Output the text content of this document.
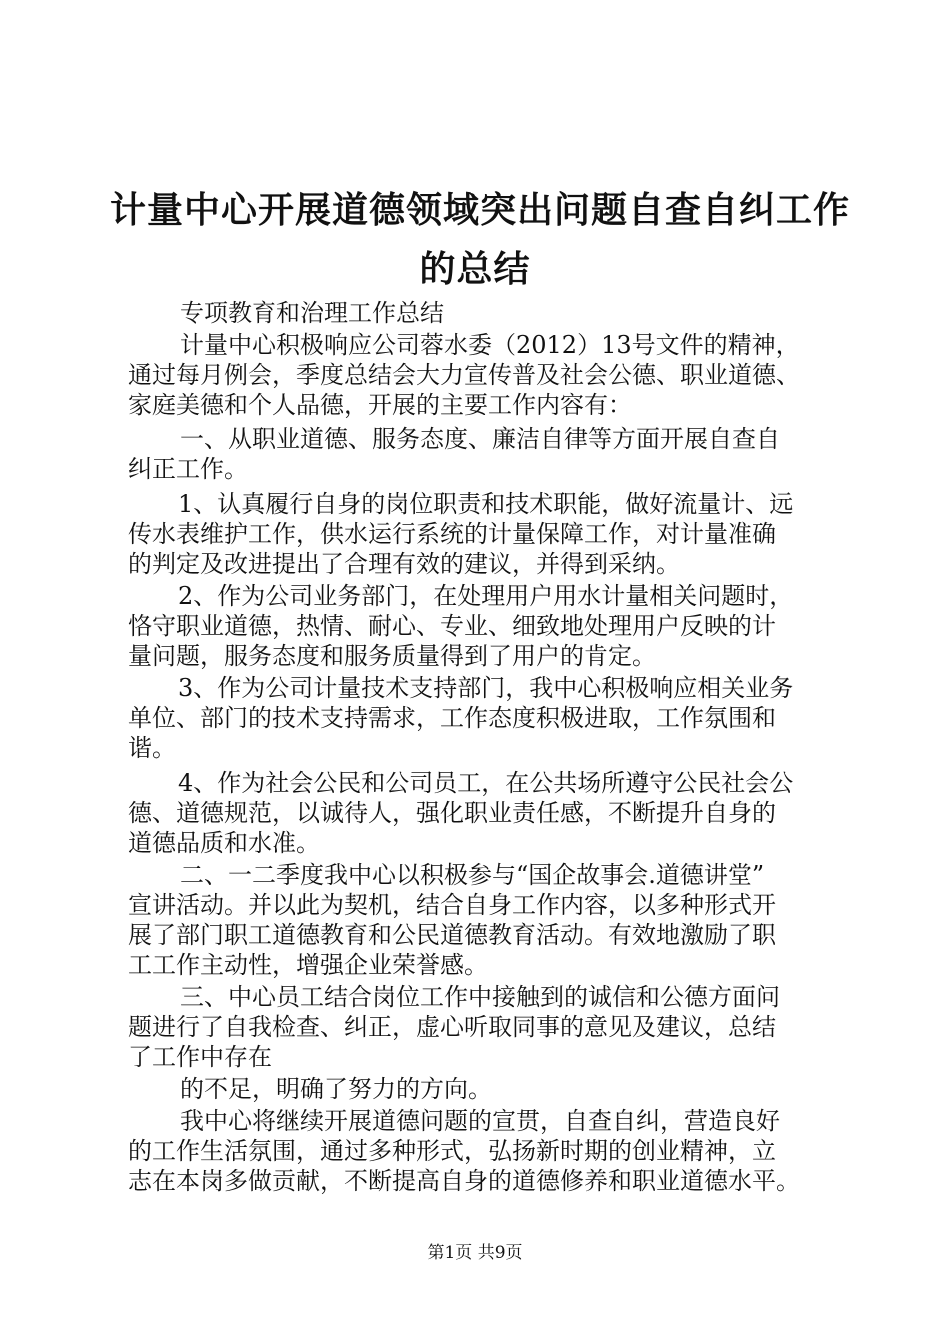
计量中心开展道德领域突出问题自查自纠工作
的总结
专项教育和治理工作总结
计量中心积极响应公司蓉水委（2012）13号文件的精神，
通过每月例会，季度总结会大力宣传普及社会公德、职业道德、
家庭美德和个人品德，开展的主要工作内容有：
一、从职业道德、服务态度、廉洁自律等方面开展自查自
纠正工作。
1、认真履行自身的岗位职责和技术职能，做好流量计、远
传水表维护工作，供水运行系统的计量保障工作，对计量准确
的判定及改进提出了合理有效的建议，并得到采纳。
2、作为公司业务部门，在处理用户用水计量相关问题时，
恪守职业道德，热情、耐心、专业、细致地处理用户反映的计
量问题，服务态度和服务质量得到了用户的肯定。
3、作为公司计量技术支持部门，我中心积极响应相关业务
单位、部门的技术支持需求，工作态度积极进取，工作氛围和
谐。
4、作为社会公民和公司员工，在公共场所遵守公民社会公
德、道德规范，以诚待人，强化职业责任感，不断提升自身的
道德品质和水准。
二、一二季度我中心以积极参与“国企故事会.道德讲堂”
宣讲活动。并以此为契机，结合自身工作内容，以多种形式开
展了部门职工道德教育和公民道德教育活动。有效地激励了职
工工作主动性，增强企业荣誉感。
三、中心员工结合岗位工作中接触到的诚信和公德方面问
题进行了自我检查、纠正，虚心听取同事的意见及建议，总结
了工作中存在
的不足，明确了努力的方向。
我中心将继续开展道德问题的宣贯，自查自纠，营造良好
的工作生活氛围，通过多种形式，弘扬新时期的创业精神，立
志在本岗多做贡献，不断提高自身的道德修养和职业道德水平。
第1页 共9页
